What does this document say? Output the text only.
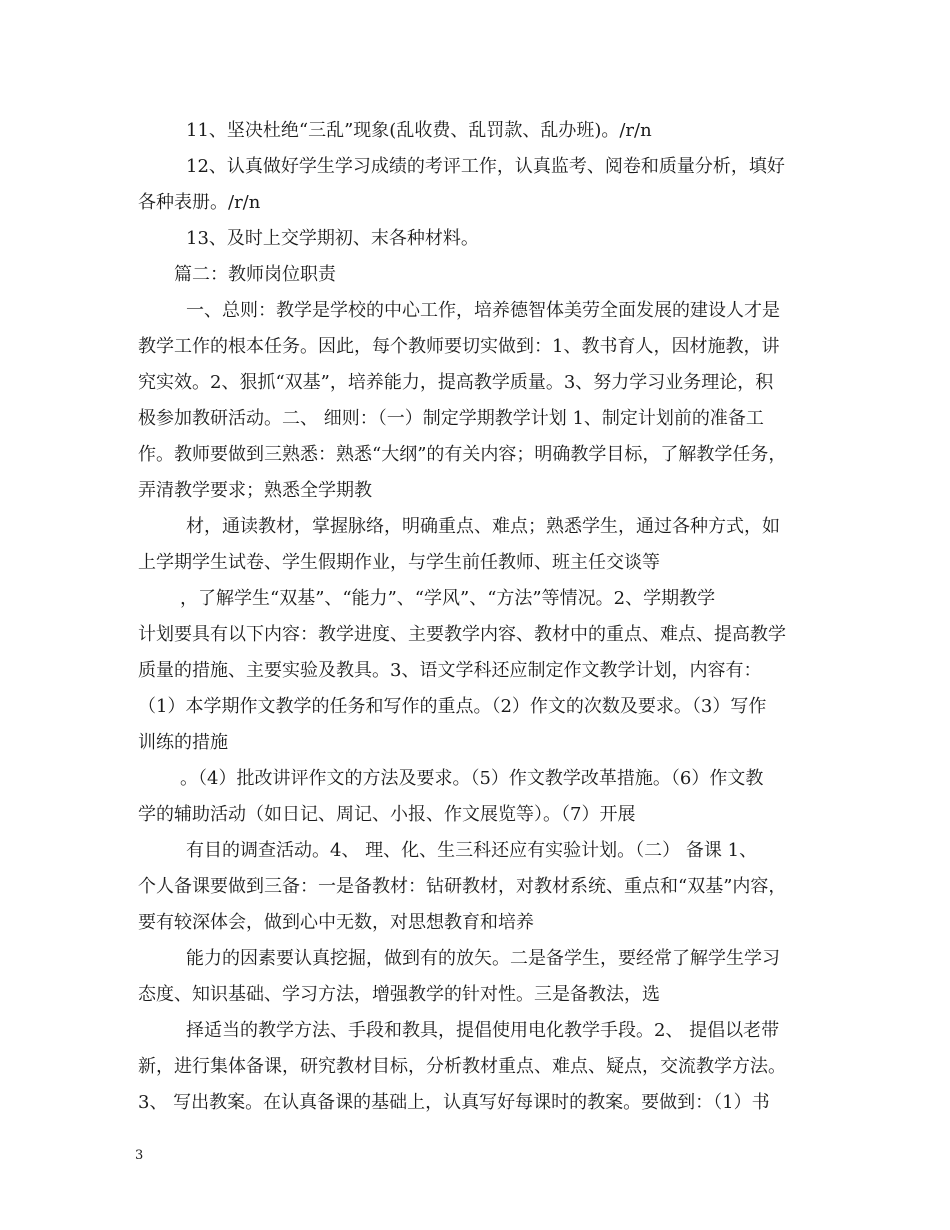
11、坚决杜绝“三乱”现象(乱收费、乱罚款、乱办班)。/r/n
12、认真做好学生学习成绩的考评工作，认真监考、阅卷和质量分析，填好
各种表册。/r/n
13、及时上交学期初、末各种材料。
篇二：教师岗位职责
一、总则：教学是学校的中心工作，培养德智体美劳全面发展的建设人才是
教学工作的根本任务。因此，每个教师要切实做到：1、教书育人，因材施教，讲
究实效。2、狠抓“双基”，培养能力，提高教学质量。3、努力学习业务理论，积
极参加教研活动。二、 细则：（一）制定学期教学计划 1、制定计划前的准备工
作。教师要做到三熟悉：熟悉“大纲”的有关内容；明确教学目标，了解教学任务，
弄清教学要求；熟悉全学期教
材，通读教材，掌握脉络，明确重点、难点；熟悉学生，通过各种方式，如
上学期学生试卷、学生假期作业，与学生前任教师、班主任交谈等
，了解学生“双基”、“能力”、“学风”、“方法”等情况。2、学期教学
计划要具有以下内容：教学进度、主要教学内容、教材中的重点、难点、提高教学
质量的措施、主要实验及教具。3、语文学科还应制定作文教学计划，内容有：
（1）本学期作文教学的任务和写作的重点。（2）作文的次数及要求。（3）写作
训练的措施
。（4）批改讲评作文的方法及要求。（5）作文教学改革措施。（6）作文教
学的辅助活动（如日记、周记、小报、作文展览等）。（7）开展
有目的调查活动。4、 理、化、生三科还应有实验计划。（二） 备课 1、
个人备课要做到三备：一是备教材：钻研教材，对教材系统、重点和“双基”内容，
要有较深体会，做到心中无数，对思想教育和培养
能力的因素要认真挖掘，做到有的放矢。二是备学生，要经常了解学生学习
态度、知识基础、学习方法，增强教学的针对性。三是备教法，选
择适当的教学方法、手段和教具，提倡使用电化教学手段。2、 提倡以老带
新，进行集体备课，研究教材目标，分析教材重点、难点、疑点，交流教学方法。
3、 写出教案。在认真备课的基础上，认真写好每课时的教案。要做到：（1）书
3
